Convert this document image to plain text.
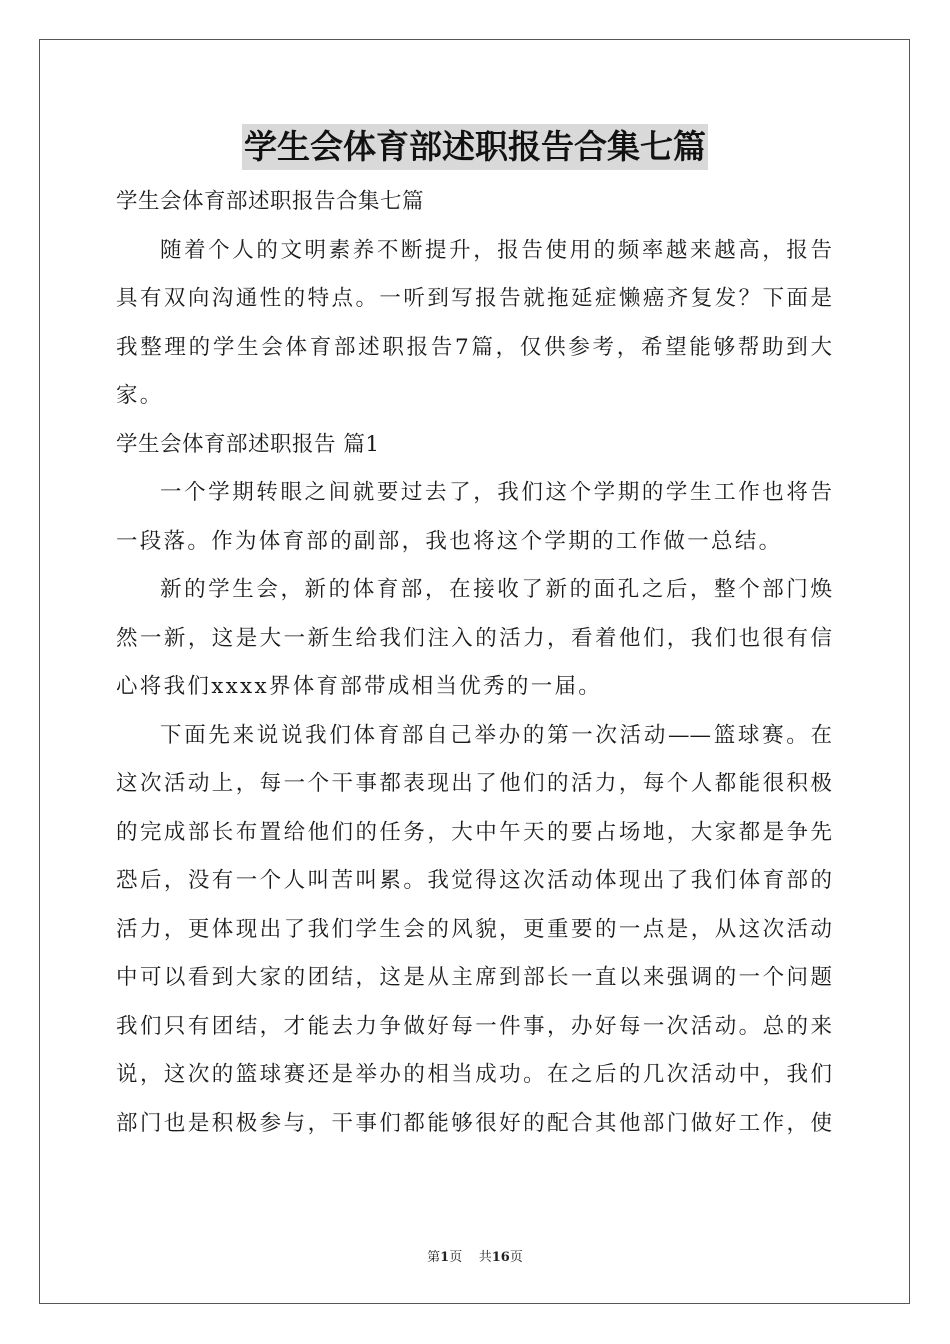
学生会体育部述职报告合集七篇
学生会体育部述职报告合集七篇
随着个人的文明素养不断提升，报告使用的频率越来越高，报告
具有双向沟通性的特点。一听到写报告就拖延症懒癌齐复发？下面是
我整理的学生会体育部述职报告7篇，仅供参考，希望能够帮助到大
家。
学生会体育部述职报告 篇1
一个学期转眼之间就要过去了，我们这个学期的学生工作也将告
一段落。作为体育部的副部，我也将这个学期的工作做一总结。
新的学生会，新的体育部，在接收了新的面孔之后，整个部门焕
然一新，这是大一新生给我们注入的活力，看着他们，我们也很有信
心将我们xxxx界体育部带成相当优秀的一届。
下面先来说说我们体育部自己举办的第一次活动——篮球赛。在
这次活动上，每一个干事都表现出了他们的活力，每个人都能很积极
的完成部长布置给他们的任务，大中午天的要占场地，大家都是争先
恐后，没有一个人叫苦叫累。我觉得这次活动体现出了我们体育部的
活力，更体现出了我们学生会的风貌，更重要的一点是，从这次活动
中可以看到大家的团结，这是从主席到部长一直以来强调的一个问题
我们只有团结，才能去力争做好每一件事，办好每一次活动。总的来
说，这次的篮球赛还是举办的相当成功。在之后的几次活动中，我们
部门也是积极参与，干事们都能够很好的配合其他部门做好工作，使
第1页    共16页
